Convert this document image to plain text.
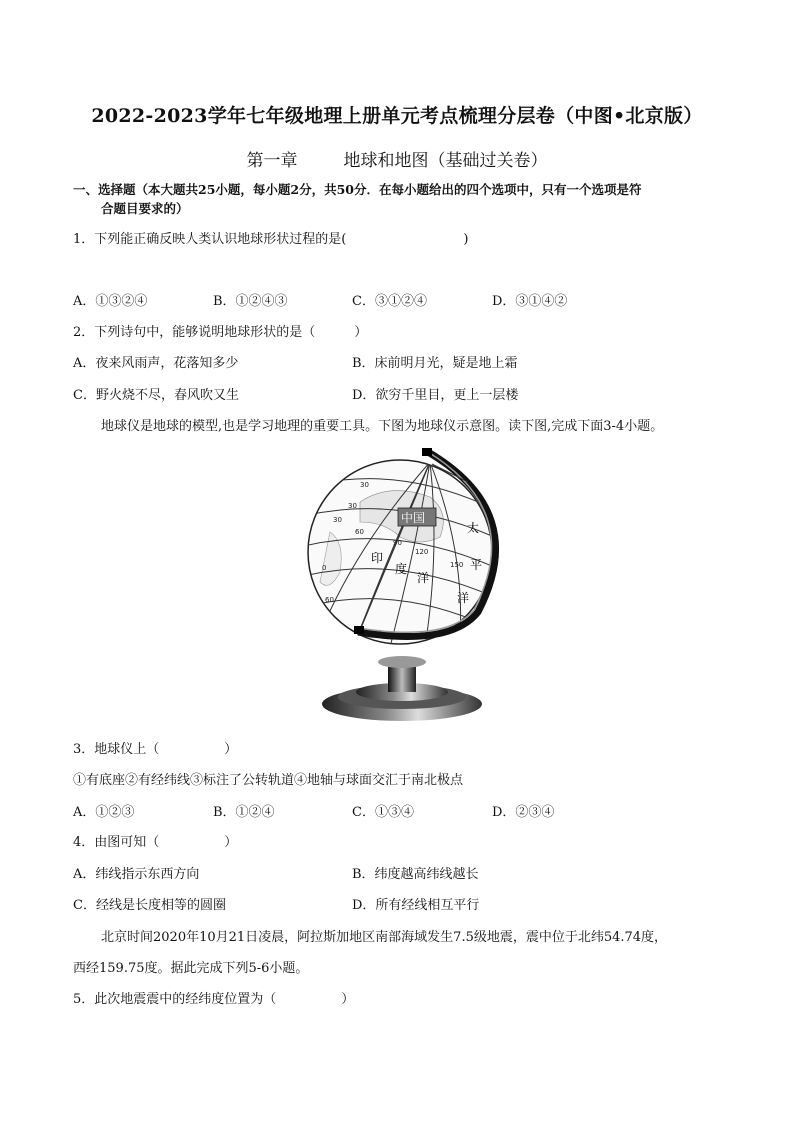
2022-2023学年七年级地理上册单元考点梳理分层卷（中图•北京版）
第一章	地球和地图（基础过关卷）
一、选择题（本大题共25小题，每小题2分，共50分．在每小题给出的四个选项中，只有一个选项是符
合题目要求的）
1．下列能正确反映人类认识地球形状过程的是(　　　　　　　　　)
A．①③②④	B．①②④③	C．③①②④	D．③①④②
2．下列诗句中，能够说明地球形状的是（　　　）
A．夜来风雨声，花落知多少	B．床前明月光，疑是地上霜
C．野火烧不尽，春风吹又生	D．欲穷千里目，更上一层楼
地球仪是地球的模型,也是学习地理的重要工具。下图为地球仪示意图。读下图,完成下面3-4小题。
中国
太
平
洋
印
度
洋
30
60
90
120
150
30
0
30
60
3．地球仪上（　　　　　）
①有底座②有经纬线③标注了公转轨道④地轴与球面交汇于南北极点
A．①②③	B．①②④	C．①③④	D．②③④
4．由图可知（　　　　　）
A．纬线指示东西方向	B．纬度越高纬线越长
C．经线是长度相等的圆圈	D．所有经线相互平行
北京时间2020年10月21日凌晨，阿拉斯加地区南部海域发生7.5级地震，震中位于北纬54.74度，
西经159.75度。据此完成下列5-6小题。
5．此次地震震中的经纬度位置为（　　　　　）
